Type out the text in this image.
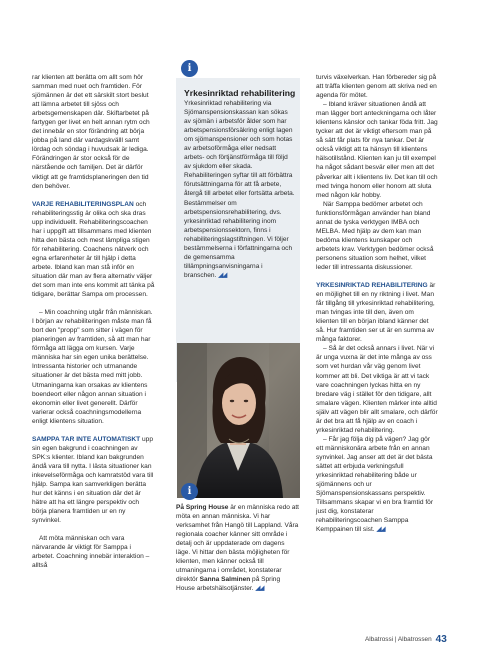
rar klienten att berätta om allt som hör samman med nuet och framtiden. För sjömännen är det ett särskilt stort beslut att lämna arbetet till sjöss och arbetsgemenskapen där. Skiftarbetet på fartygen ger livet en helt annan rytm och det innebär en stor förändring att börja jobba på land där vardagskvälll samt lördag och söndag i huvudsak är lediga. Förändringen är stor också för de närstående och familjen. Det är därför viktigt att ge framtidsplaneringen den tid den behöver.

VARJE REHABILITERINGSPLAN och rehabiliteringsstig är olika och ska dras upp individuellt. Rehabiliteringscoachen har i uppgift att tillsammans med klienten hitta den bästa och mest lämpliga stigen för rehabilitering. Coachens nätverk och egna erfarenheter är till hjälp i detta arbete. Ibland kan man stå inför en situation där man av flera alternativ väljer det som man inte ens kommit att tänka på tidigare, berättar Sampa om processen.

– Min coachning utgår från människan. I början av rehabiliteringen måste man få bort den "propp" som sitter i vägen för planeringen av framtiden, så att man har förmåga att lägga om kursen. Varje människa har sin egen unika berättelse. Intressanta historier och utmanande situationer är det bästa med mitt jobb. Utmaningarna kan orsakas av klientens boendeort eller någon annan situation i ekonomin eller livet generellt. Därför varierar också coachningsmodellerna enligt klientens situation.

SAMPPA TAR INTE AUTOMATISKT upp sin egen bakgrund i coachningen av SPK:s klienter. Ibland kan bakgrunden ändå vara till nytta. I lästa situationer kan inkevelseförmåga och kamratstöd vara till hjälp. Sampa kan samverkligen berätta hur det känns i en situation där det är hätre att ha ett längre perspektiv och börja planera framtiden ur en ny synvinkel.

Att möta människan och vara närvarande är viktigt för Samppa i arbetet. Coachning innebär interaktion – alltså

i

Yrkesinriktad rehabilitering

Yrkesinriktad rehabilitering via Sjömanspensionskassan kan sökas av sjömän i arbetsför ålder som har arbetspensionsförsäkring enligt lagen om sjömanspensioner och som hotas av arbetsoförmåga eller nedsatt arbets- och förtjänstförmåga till följd av sjukdom eller skada. Rehabiliteringen syftar till att förbättra förutsättningarna för att få arbete, återgå till arbetet eller fortsätta arbeta. Bestämmelser om arbetspensionsrehabilitering, dvs. yrkesinriktad rehabilitering inom arbetspensionssektorn, finns i rehabiliteringslagstiftningen. Vi följer bestämmelserna i författningarna och de gemensamma tillämpningsanvisningarna i branschen. ◢◢

i

På Spring House är en människa redo att möta en annan människa. Vi har verksamhet från Hangö till Lappland. Våra regionala coacher känner sitt område i detalj och är uppdaterade om dagens läge. Vi hittar den bästa möjligheten för klienten, men känner också till utmaningarna i området, konstaterar direktör Sanna Salminen på Spring House arbetshälsotjänster. ◢◢

turvis växelverkan. Han förbereder sig på att träffa klienten genom att skriva ned en agenda för mötet.

– Ibland kräver situationen ändå att man lägger bort anteckningarna och låter klientens känslor och tankar föda fritt. Jag tycker att det är viktigt eftersom man på så sätt får plats för nya tankar. Det är också viktigt att ta hänsyn till klientens hälsotillstånd. Klienten kan ju till exempel ha något sådant besvär eller men att det påverkar allt i klientens liv. Det kan till och med tvinga honom eller honom att sluta med någon kär hobby.

När Samppa bedömer arbetet och funktionsförmågan använder han bland annat de tyska verktygen IMBA och MELBA. Med hjälp av dem kan man bedöma klientens kunskaper och arbetets krav. Verktygen bedömer också personens situation som helhet, vilket leder till intressanta diskussioner.

YRKESINRIKTAD REHABILITERING är en möjlighet till en ny riktning i livet. Man får tillgång till yrkesinriktad rehabilitering, man tvingas inte till den, även om klienten till en början ibland känner det så. Hur framtiden ser ut är en summa av många faktorer.

– Så är det också annars i livet. När vi är unga vuxna är det inte många av oss som vet hurdan vår väg genom livet kommer att bli. Det viktiga är att vi tack vare coachningen lyckas hitta en ny bredare väg i stället för den tidigare, allt smalare vägen. Klienten märker inte alltid själv att vägen blir allt smalare, och därför är det bra att få hjälp av en coach i yrkesinriktad rehabilitering.

– Får jag följa dig på vägen? Jag gör ett människonära arbete från en annan synvinkel. Jag anser att det är det bästa sättet att erbjuda verkningsfull yrkesinriktad rehabilitering både ur sjömännens och ur Sjömanspensionskassans perspektiv. Tillsammans skapar vi en bra framtid för just dig, konstaterar rehabiliteringscoachen Samppa Kemppainen till sist. ◢◢

Albatrossi | Albatrossen 43
